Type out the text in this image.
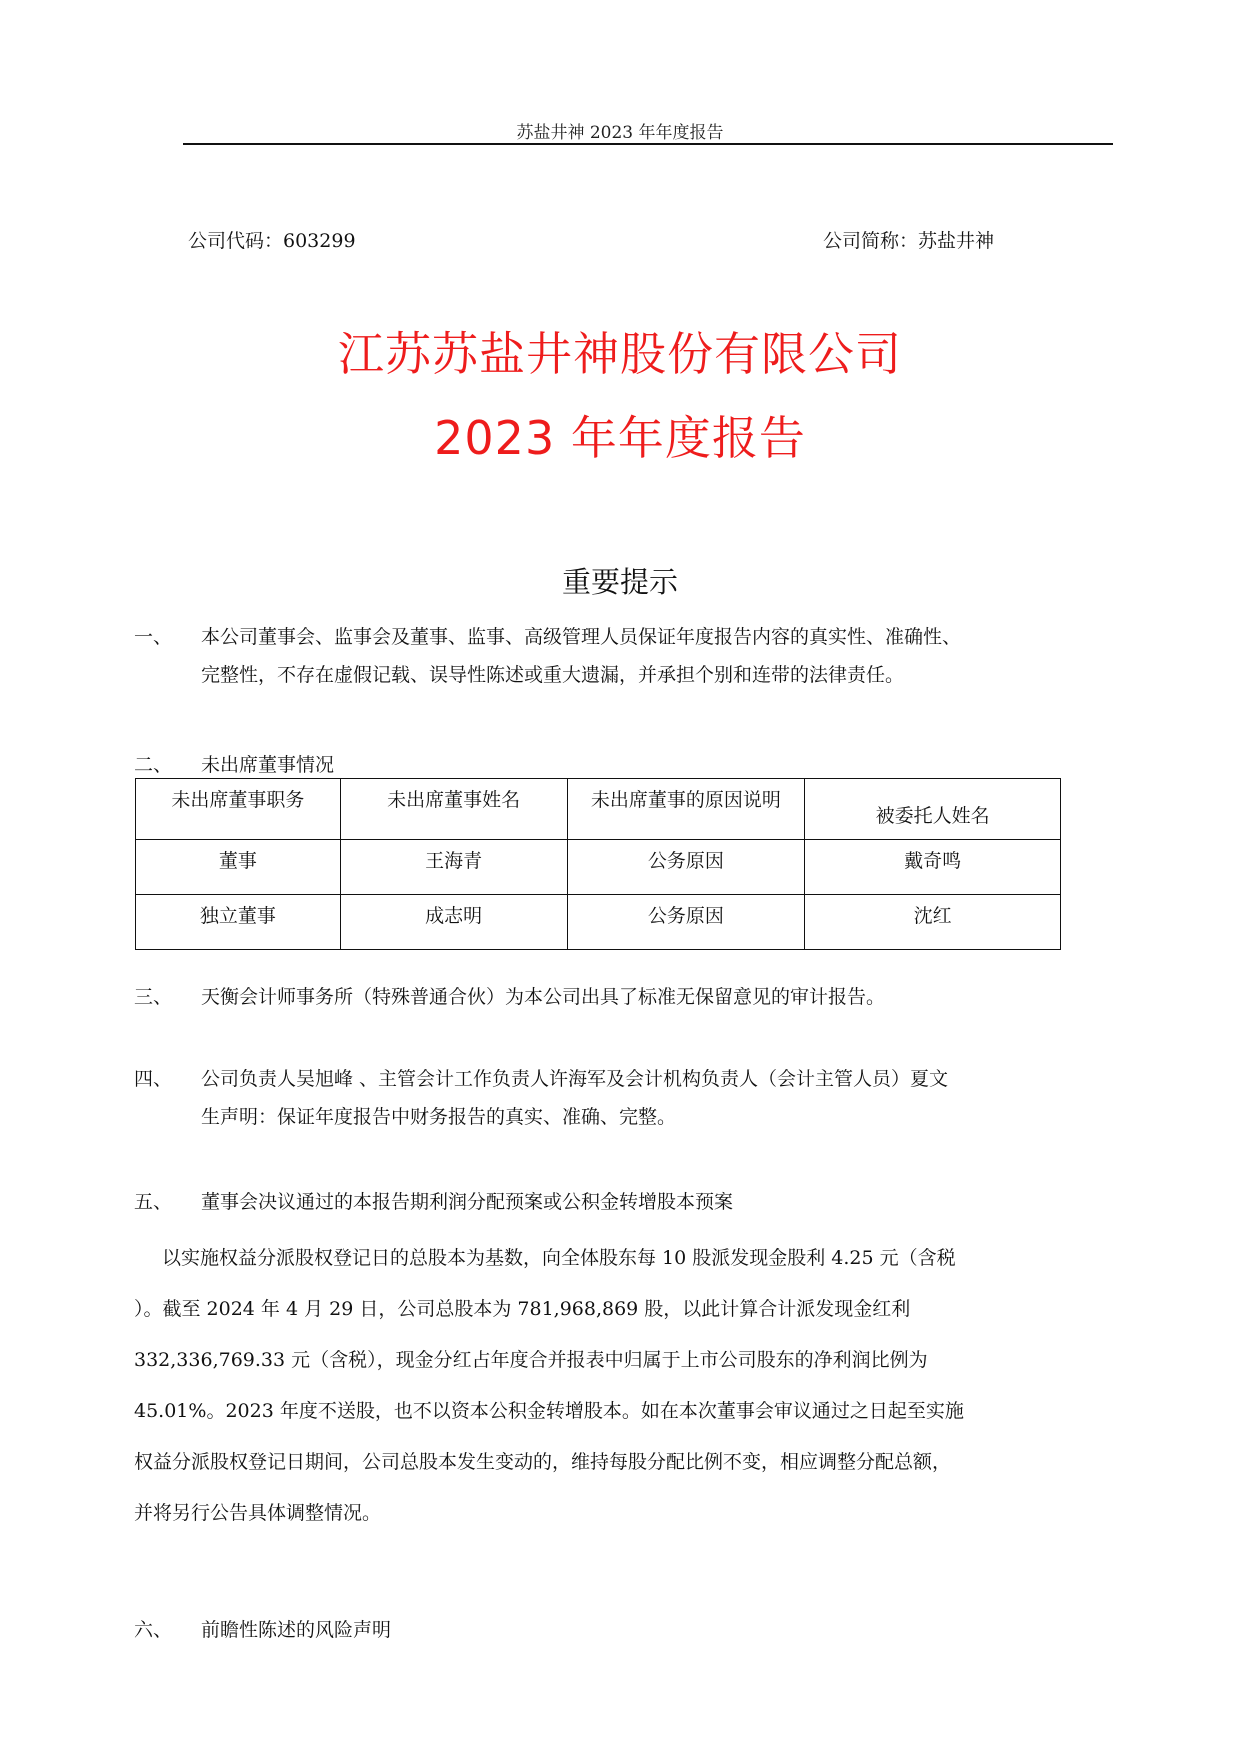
苏盐井神 2023 年年度报告
公司代码：603299	公司简称：苏盐井神
江苏苏盐井神股份有限公司
2023 年年度报告
重要提示
一、 本公司董事会、监事会及董事、监事、高级管理人员保证年度报告内容的真实性、准确性、
完整性，不存在虚假记载、误导性陈述或重大遗漏，并承担个别和连带的法律责任。
二、 未出席董事情况
未出席董事职务	未出席董事姓名	未出席董事的原因说明	被委托人姓名
董事	王海青	公务原因	戴奇鸣
独立董事	成志明	公务原因	沈红
三、 天衡会计师事务所（特殊普通合伙）为本公司出具了标准无保留意见的审计报告。
四、 公司负责人吴旭峰 、主管会计工作负责人许海军及会计机构负责人（会计主管人员）夏文
生声明：保证年度报告中财务报告的真实、准确、完整。
五、 董事会决议通过的本报告期利润分配预案或公积金转增股本预案
以实施权益分派股权登记日的总股本为基数，向全体股东每 10 股派发现金股利 4.25 元（含税
）。截至 2024 年 4 月 29 日，公司总股本为 781,968,869 股，以此计算合计派发现金红利
332,336,769.33 元（含税），现金分红占年度合并报表中归属于上市公司股东的净利润比例为
45.01%。2023 年度不送股，也不以资本公积金转增股本。如在本次董事会审议通过之日起至实施
权益分派股权登记日期间，公司总股本发生变动的，维持每股分配比例不变，相应调整分配总额，
并将另行公告具体调整情况。
六、 前瞻性陈述的风险声明
